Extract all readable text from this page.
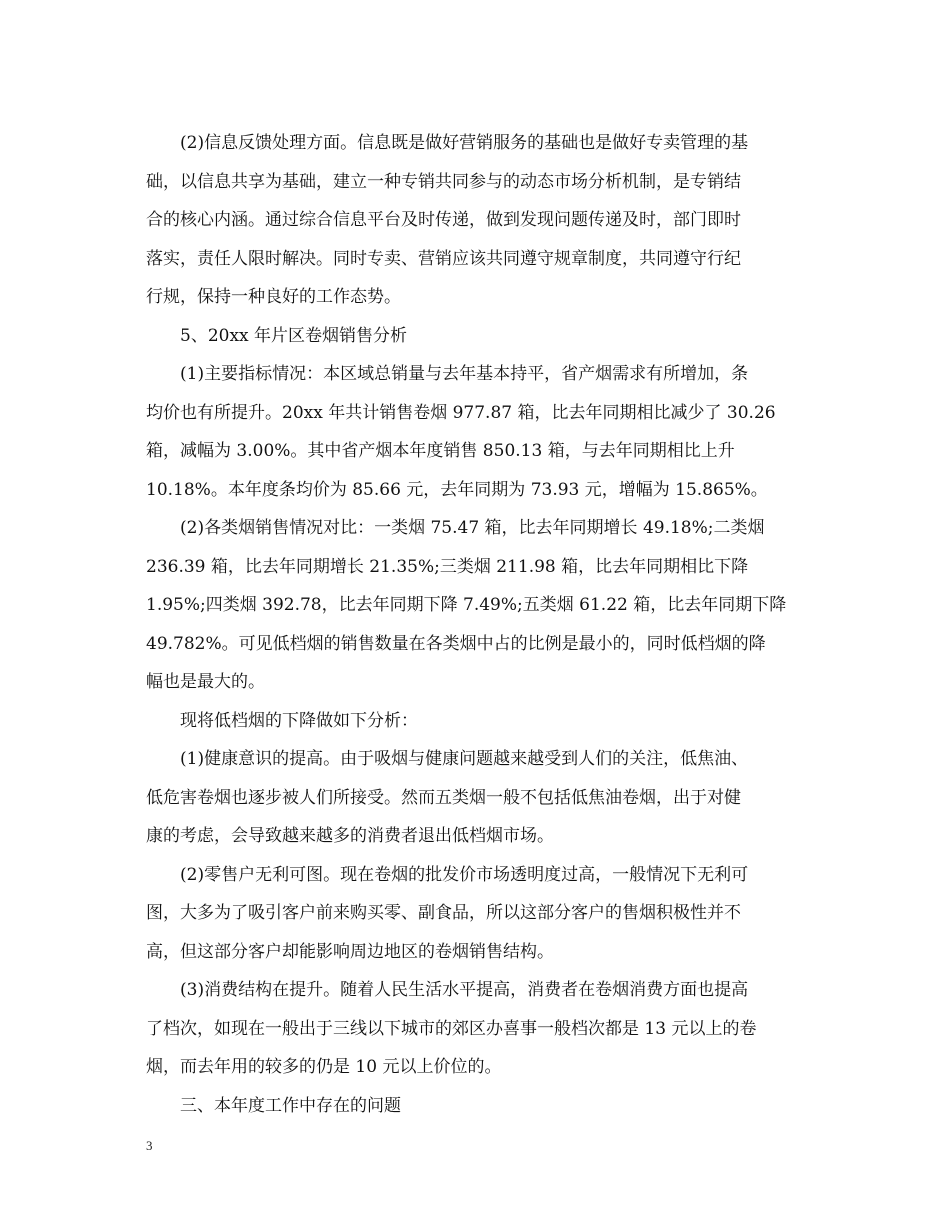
(2)信息反馈处理方面。信息既是做好营销服务的基础也是做好专卖管理的基
础，以信息共享为基础，建立一种专销共同参与的动态市场分析机制，是专销结
合的核心内涵。通过综合信息平台及时传递，做到发现问题传递及时，部门即时
落实，责任人限时解决。同时专卖、营销应该共同遵守规章制度，共同遵守行纪
行规，保持一种良好的工作态势。
5、20xx 年片区卷烟销售分析
(1)主要指标情况：本区域总销量与去年基本持平，省产烟需求有所增加，条
均价也有所提升。20xx 年共计销售卷烟 977.87 箱，比去年同期相比减少了 30.26
箱，减幅为 3.00%。其中省产烟本年度销售 850.13 箱，与去年同期相比上升
10.18%。本年度条均价为 85.66 元，去年同期为 73.93 元，增幅为 15.865%。
(2)各类烟销售情况对比：一类烟 75.47 箱，比去年同期增长 49.18%;二类烟
236.39 箱，比去年同期增长 21.35%;三类烟 211.98 箱，比去年同期相比下降
1.95%;四类烟 392.78，比去年同期下降 7.49%;五类烟 61.22 箱，比去年同期下降
49.782%。可见低档烟的销售数量在各类烟中占的比例是最小的，同时低档烟的降
幅也是最大的。
现将低档烟的下降做如下分析：
(1)健康意识的提高。由于吸烟与健康问题越来越受到人们的关注，低焦油、
低危害卷烟也逐步被人们所接受。然而五类烟一般不包括低焦油卷烟，出于对健
康的考虑，会导致越来越多的消费者退出低档烟市场。
(2)零售户无利可图。现在卷烟的批发价市场透明度过高，一般情况下无利可
图，大多为了吸引客户前来购买零、副食品，所以这部分客户的售烟积极性并不
高，但这部分客户却能影响周边地区的卷烟销售结构。
(3)消费结构在提升。随着人民生活水平提高，消费者在卷烟消费方面也提高
了档次，如现在一般出于三线以下城市的郊区办喜事一般档次都是 13 元以上的卷
烟，而去年用的较多的仍是 10 元以上价位的。
三、本年度工作中存在的问题
3
